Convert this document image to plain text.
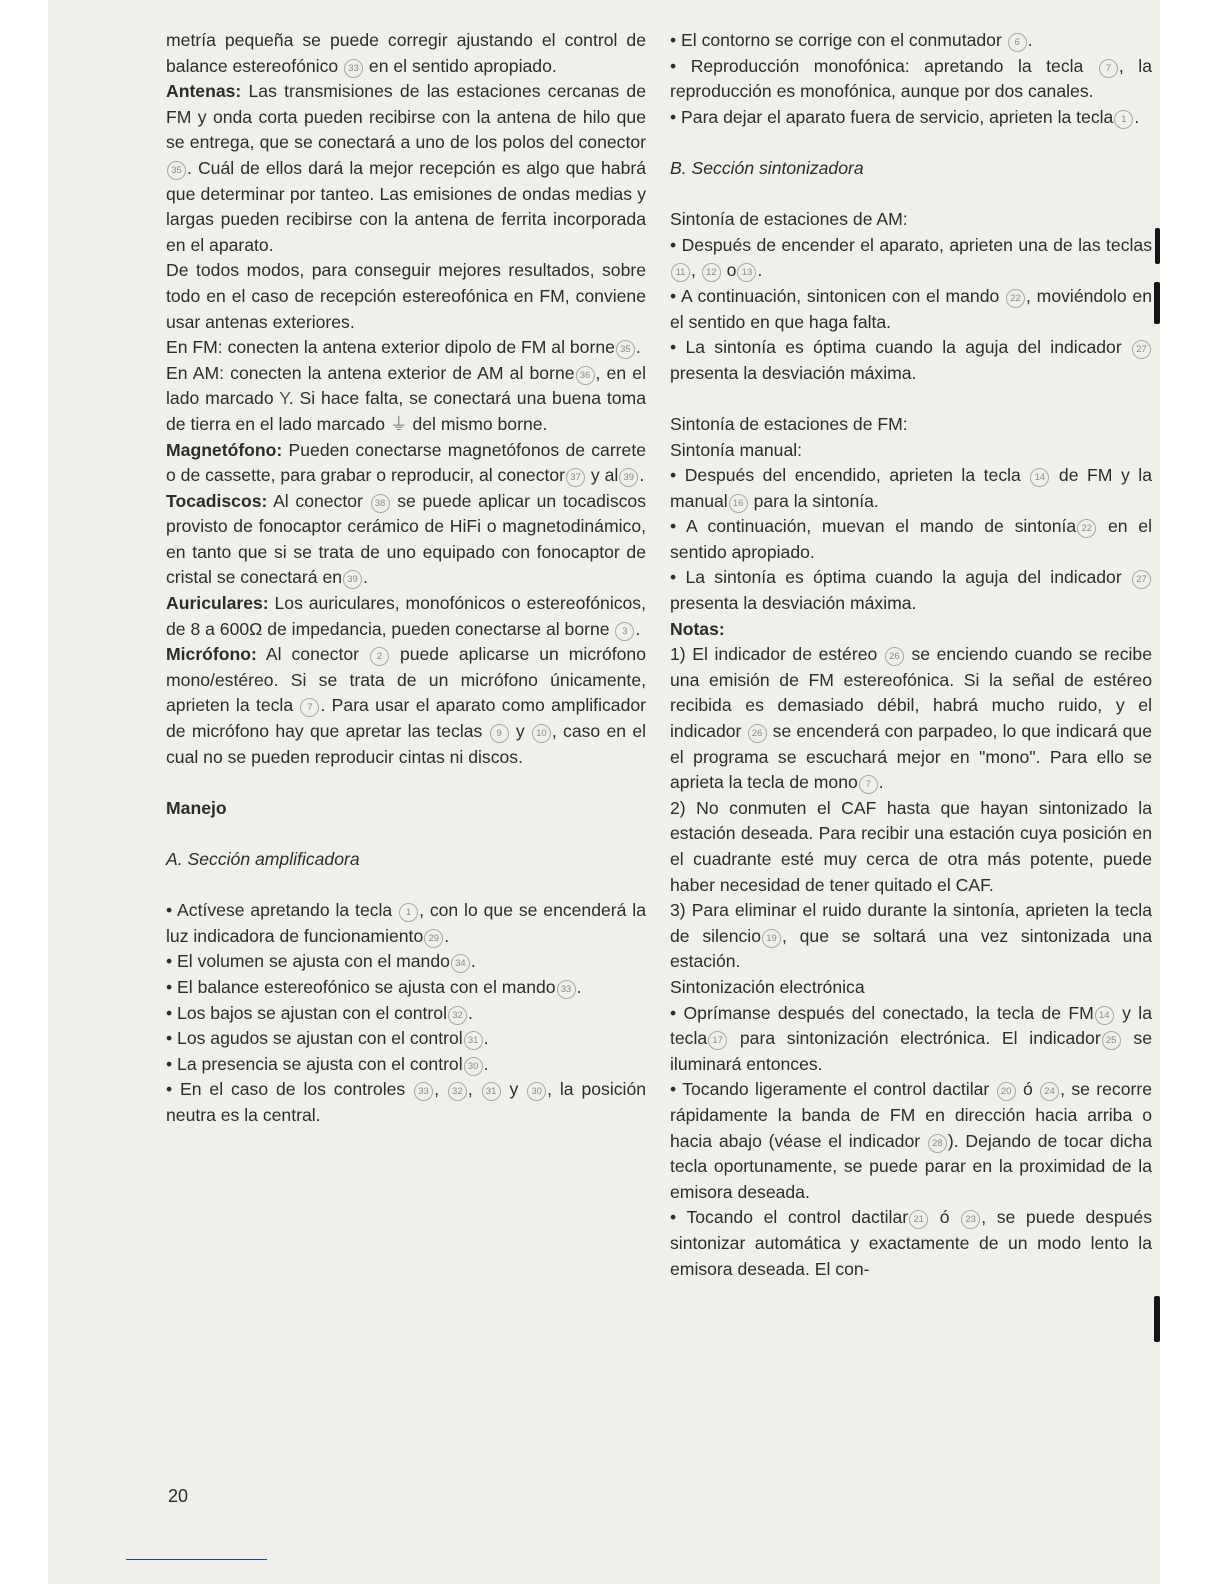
metría pequeña se puede corregir ajustando el control de balance estereofónico 33 en el sentido apropiado.

Antenas: Las transmisiones de las estaciones cercanas de FM y onda corta pueden recibirse con la antena de hilo que se entrega, que se conectará a uno de los polos del conector 35 . Cuál de ellos dará la mejor recepción es algo que habrá que determinar por tanteo. Las emisiones de ondas medias y largas pueden recibirse con la antena de ferrita incorporada en el aparato.

De todos modos, para conseguir mejores resultados, sobre todo en el caso de recepción estereofónica en FM, conviene usar antenas exteriores.

En FM: conecten la antena exterior dipolo de FM al borne 35 .

En AM: conecten la antena exterior de AM al borne 36 , en el lado marcado Y. Si hace falta, se conectará una buena toma de tierra en el lado marcado ⏚ del mismo borne.

Magnetófono: Pueden conectarse magnetófonos de carrete o de cassette, para grabar o reproducir, al conector 37 y al 39 .

Tocadiscos: Al conector 38 se puede aplicar un tocadiscos provisto de fonocaptor cerámico de HiFi o magnetodinámico, en tanto que si se trata de uno equipado con fonocaptor de cristal se conectará en 39 .

Auriculares: Los auriculares, monofónicos o estereofónicos, de 8 a 600Ω de impedancia, pueden conectarse al borne 3 .

Micrófono: Al conector 2 puede aplicarse un micrófono mono/estéreo. Si se trata de un micrófono únicamente, aprieten la tecla 7 . Para usar el aparato como amplificador de micrófono hay que apretar las teclas 9 y 10 , caso en el cual no se pueden reproducir cintas ni discos.

Manejo

A. Sección amplificadora

• Actívese apretando la tecla 1 , con lo que se encenderá la luz indicadora de funcionamiento 29 .

• El volumen se ajusta con el mando 34 .

• El balance estereofónico se ajusta con el mando 33 .

• Los bajos se ajustan con el control 32 .

• Los agudos se ajustan con el control 31 .

• La presencia se ajusta con el control 30 .

• En el caso de los controles 33 , 32 , 31 y 30 , la posición neutra es la central.

• El contorno se corrige con el conmutador 6 .

• Reproducción monofónica: apretando la tecla 7 , la reproducción es monofónica, aunque por dos canales.

• Para dejar el aparato fuera de servicio, aprieten la tecla 1 .

B. Sección sintonizadora

Sintonía de estaciones de AM:

• Después de encender el aparato, aprieten una de las teclas11 , 12 o 13 .

• A continuación, sintonicen con el mando 22 , moviéndolo en el sentido en que haga falta.

• La sintonía es óptima cuando la aguja del indicador 27 presenta la desviación máxima.

Sintonía de estaciones de FM:

Sintonía manual:

• Después del encendido, aprieten la tecla 14 de FM y la manual 16 para la sintonía.

• A continuación, muevan el mando de sintonía 22 en el sentido apropiado.

• La sintonía es óptima cuando la aguja del indicador 27 presenta la desviación máxima.

Notas:

1) El indicador de estéreo 26 se enciendo cuando se recibe una emisión de FM estereofónica. Si la señal de estéreo recibida es demasiado débil, habrá mucho ruido, y el indicador 26 se encenderá con parpadeo, lo que indicará que el programa se escuchará mejor en "mono". Para ello se aprieta la tecla de mono 7 .

2) No conmuten el CAF hasta que hayan sintonizado la estación deseada. Para recibir una estación cuya posición en el cuadrante esté muy cerca de otra más potente, puede haber necesidad de tener quitado el CAF.

3) Para eliminar el ruido durante la sintonía, aprieten la tecla de silencio 19 , que se soltará una vez sintonizada una estación.

Sintonización electrónica

• Oprímanse después del conectado, la tecla de FM 14 y la tecla 17 para sintonización electrónica. El indicador 25 se iluminará entonces.

• Tocando ligeramente el control dactilar 20 ó 24 , se recorre rápidamente la banda de FM en dirección hacia arriba o hacia abajo (véase el indicador 28 ). Dejando de tocar dicha tecla oportunamente, se puede parar en la proximidad de la emisora deseada.

• Tocando el control dactilar 21 ó 23 , se puede después sintonizar automática y exactamente de un modo lento la emisora deseada. El con-

20
